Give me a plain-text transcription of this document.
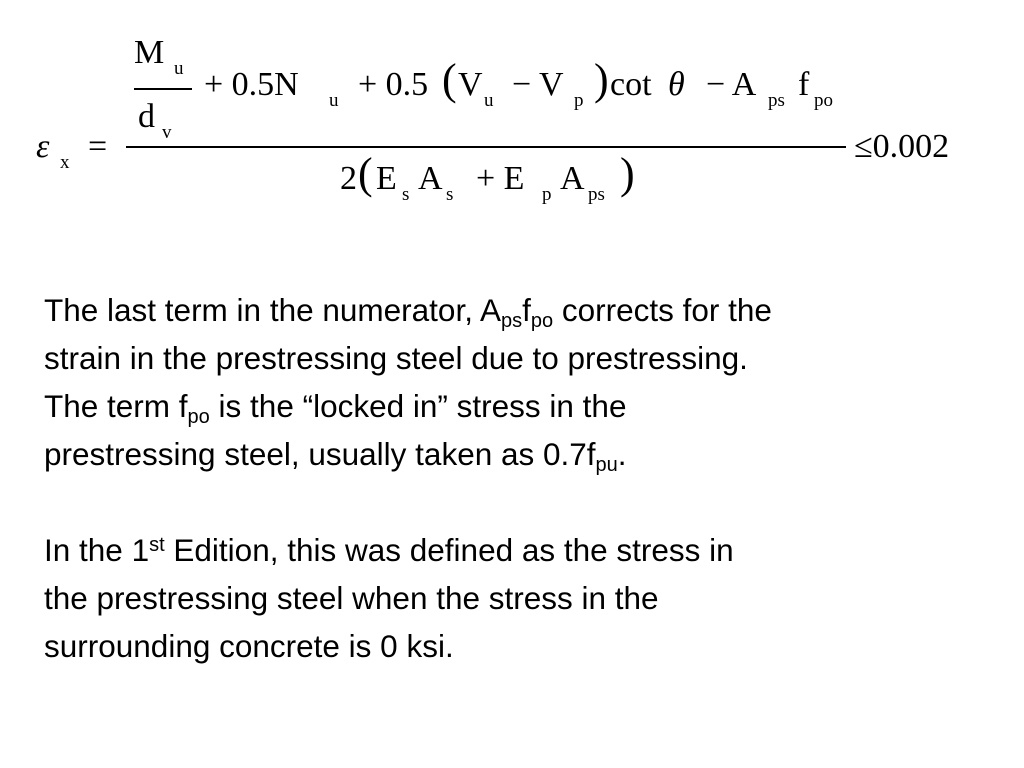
ε x =
M u
d v
+ 0.5N u + 0.5 ( V u − V p ) cot θ − A ps f po
≤0.002
2 ( E s A s + E p A ps )

The last term in the numerator, $A_{ps}f_{po}$ corrects for the
strain in the prestressing steel due to prestressing.
The term $f_{po}$ is the “locked in” stress in the
prestressing steel, usually taken as $0.7f_{pu}$.

In the 1st Edition, this was defined as the stress in
the prestressing steel when the stress in the
surrounding concrete is 0 ksi.
